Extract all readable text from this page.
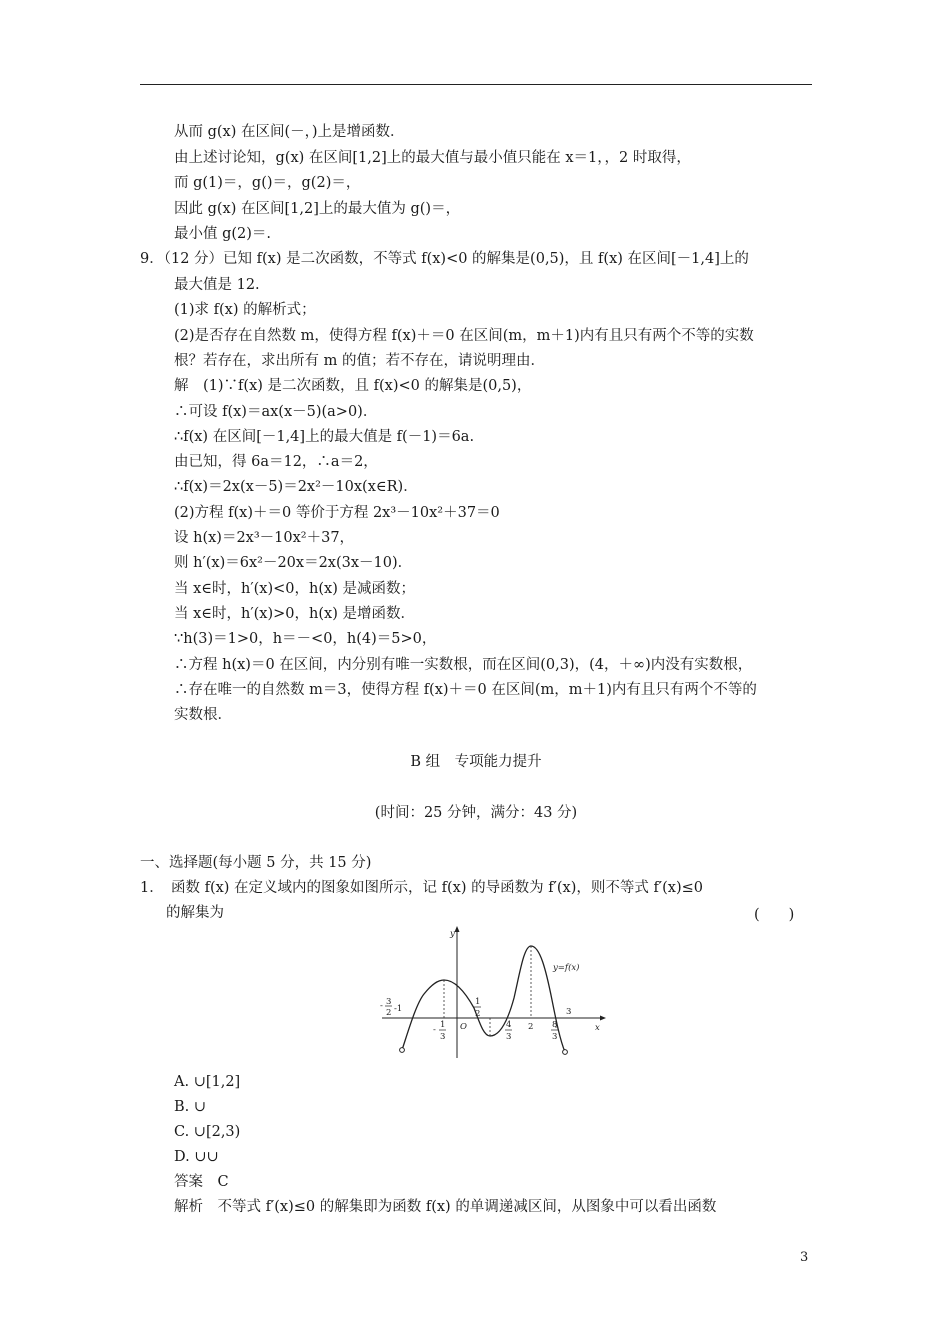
从而 g(x) 在区间(－，)上是增函数．
由上述讨论知，g(x) 在区间[1,2]上的最大值与最小值只能在 x＝1，，2 时取得，
而 g(1)＝，g()＝，g(2)＝，
因此 g(x) 在区间[1,2]上的最大值为 g()＝，
最小值 g(2)＝.
9．（12 分）已知 f(x) 是二次函数，不等式 f(x)<0 的解集是(0,5)，且 f(x) 在区间[－1,4]上的
最大值是 12.
(1)求 f(x) 的解析式；
(2)是否存在自然数 m，使得方程 f(x)＋＝0 在区间(m，m＋1)内有且只有两个不等的实数
根？若存在，求出所有 m 的值；若不存在，请说明理由．
解　(1)∵f(x) 是二次函数，且 f(x)<0 的解集是(0,5)，
∴可设 f(x)＝ax(x－5)(a>0)．
∴f(x) 在区间[－1,4]上的最大值是 f(－1)＝6a.
由已知，得 6a＝12，∴a＝2，
∴f(x)＝2x(x－5)＝2x²－10x(x∈R)．
(2)方程 f(x)＋＝0 等价于方程 2x³－10x²＋37＝0
设 h(x)＝2x³－10x²＋37，
则 h′(x)＝6x²－20x＝2x(3x－10)．
当 x∈时，h′(x)<0，h(x) 是减函数；
当 x∈时，h′(x)>0，h(x) 是增函数．
∵h(3)＝1>0，h＝－<0，h(4)＝5>0，
∴方程 h(x)＝0 在区间，内分别有唯一实数根，而在区间(0,3)，(4，＋∞)内没有实数根，
∴存在唯一的自然数 m＝3，使得方程 f(x)＋＝0 在区间(m，m＋1)内有且只有两个不等的
实数根．
B 组　专项能力提升
(时间：25 分钟，满分：43 分)
一、选择题(每小题 5 分，共 15 分)
1．　函数 f(x) 在定义域内的图象如图所示，记 f(x) 的导函数为 f′(x)，则不等式 f′(x)≤0
的解集为	(　　)
y
x
O
y=f(x)
- 3
2 -1
- 1
3
1
2
4
3
2 8
3
3
A. ∪[1,2]
B. ∪
C. ∪[2,3)
D. ∪∪
答案　C
解析　不等式 f′(x)≤0 的解集即为函数 f(x) 的单调递减区间，从图象中可以看出函数
3
